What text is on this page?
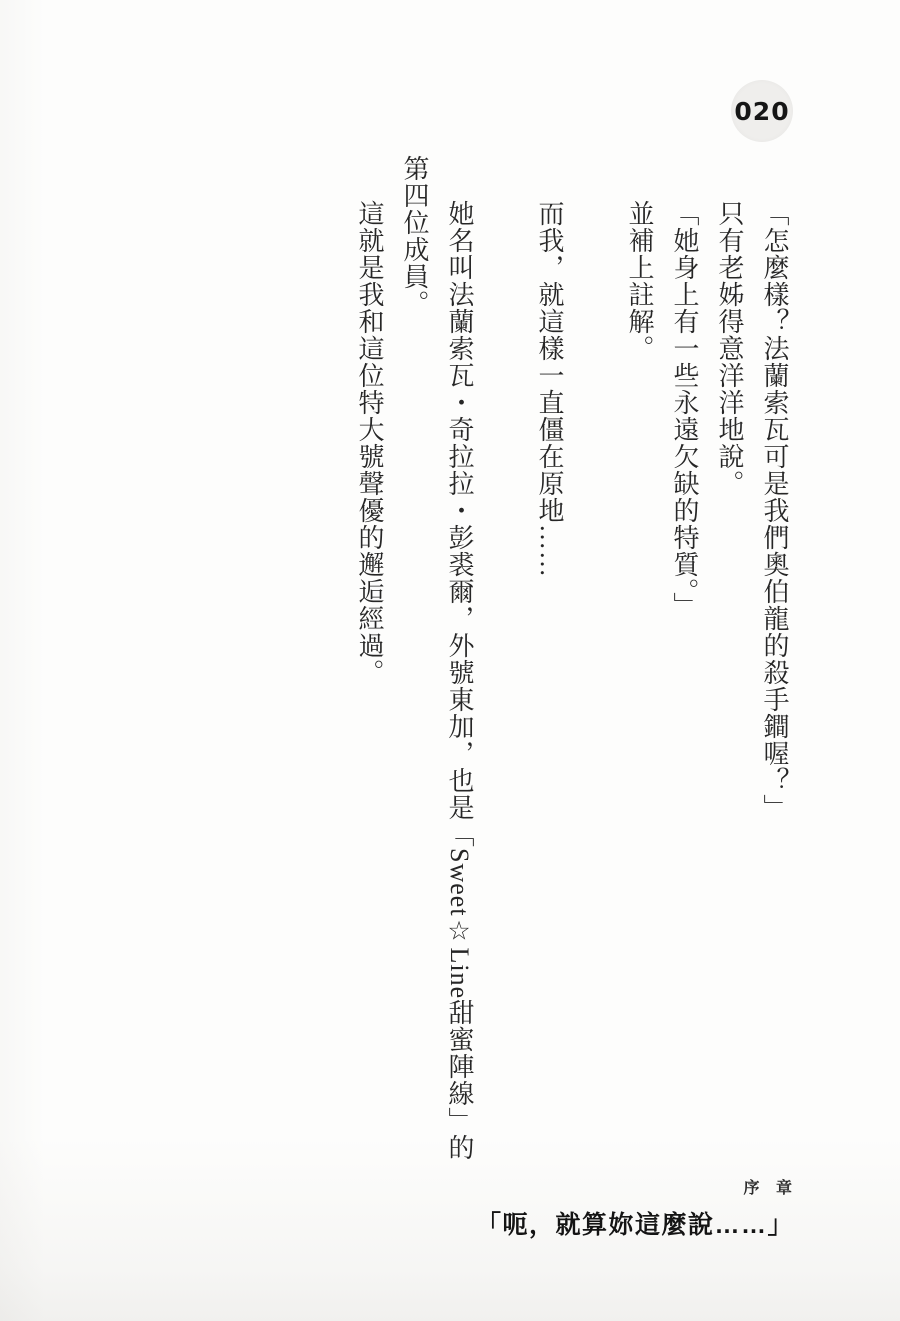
020

「怎麼樣？法蘭索瓦可是我們奧伯龍的殺手鐧喔？」

只有老姊得意洋洋地說。

「她身上有一些永遠欠缺的特質。」

並補上註解。

而我，就這樣一直僵在原地……

她名叫法蘭索瓦・奇拉拉・彭裘爾，外號東加，也是「Sweet☆Line甜蜜陣線」的第四位成員。

這就是我和這位特大號聲優的邂逅經過。

序 章
「呃，就算妳這麼說……」
